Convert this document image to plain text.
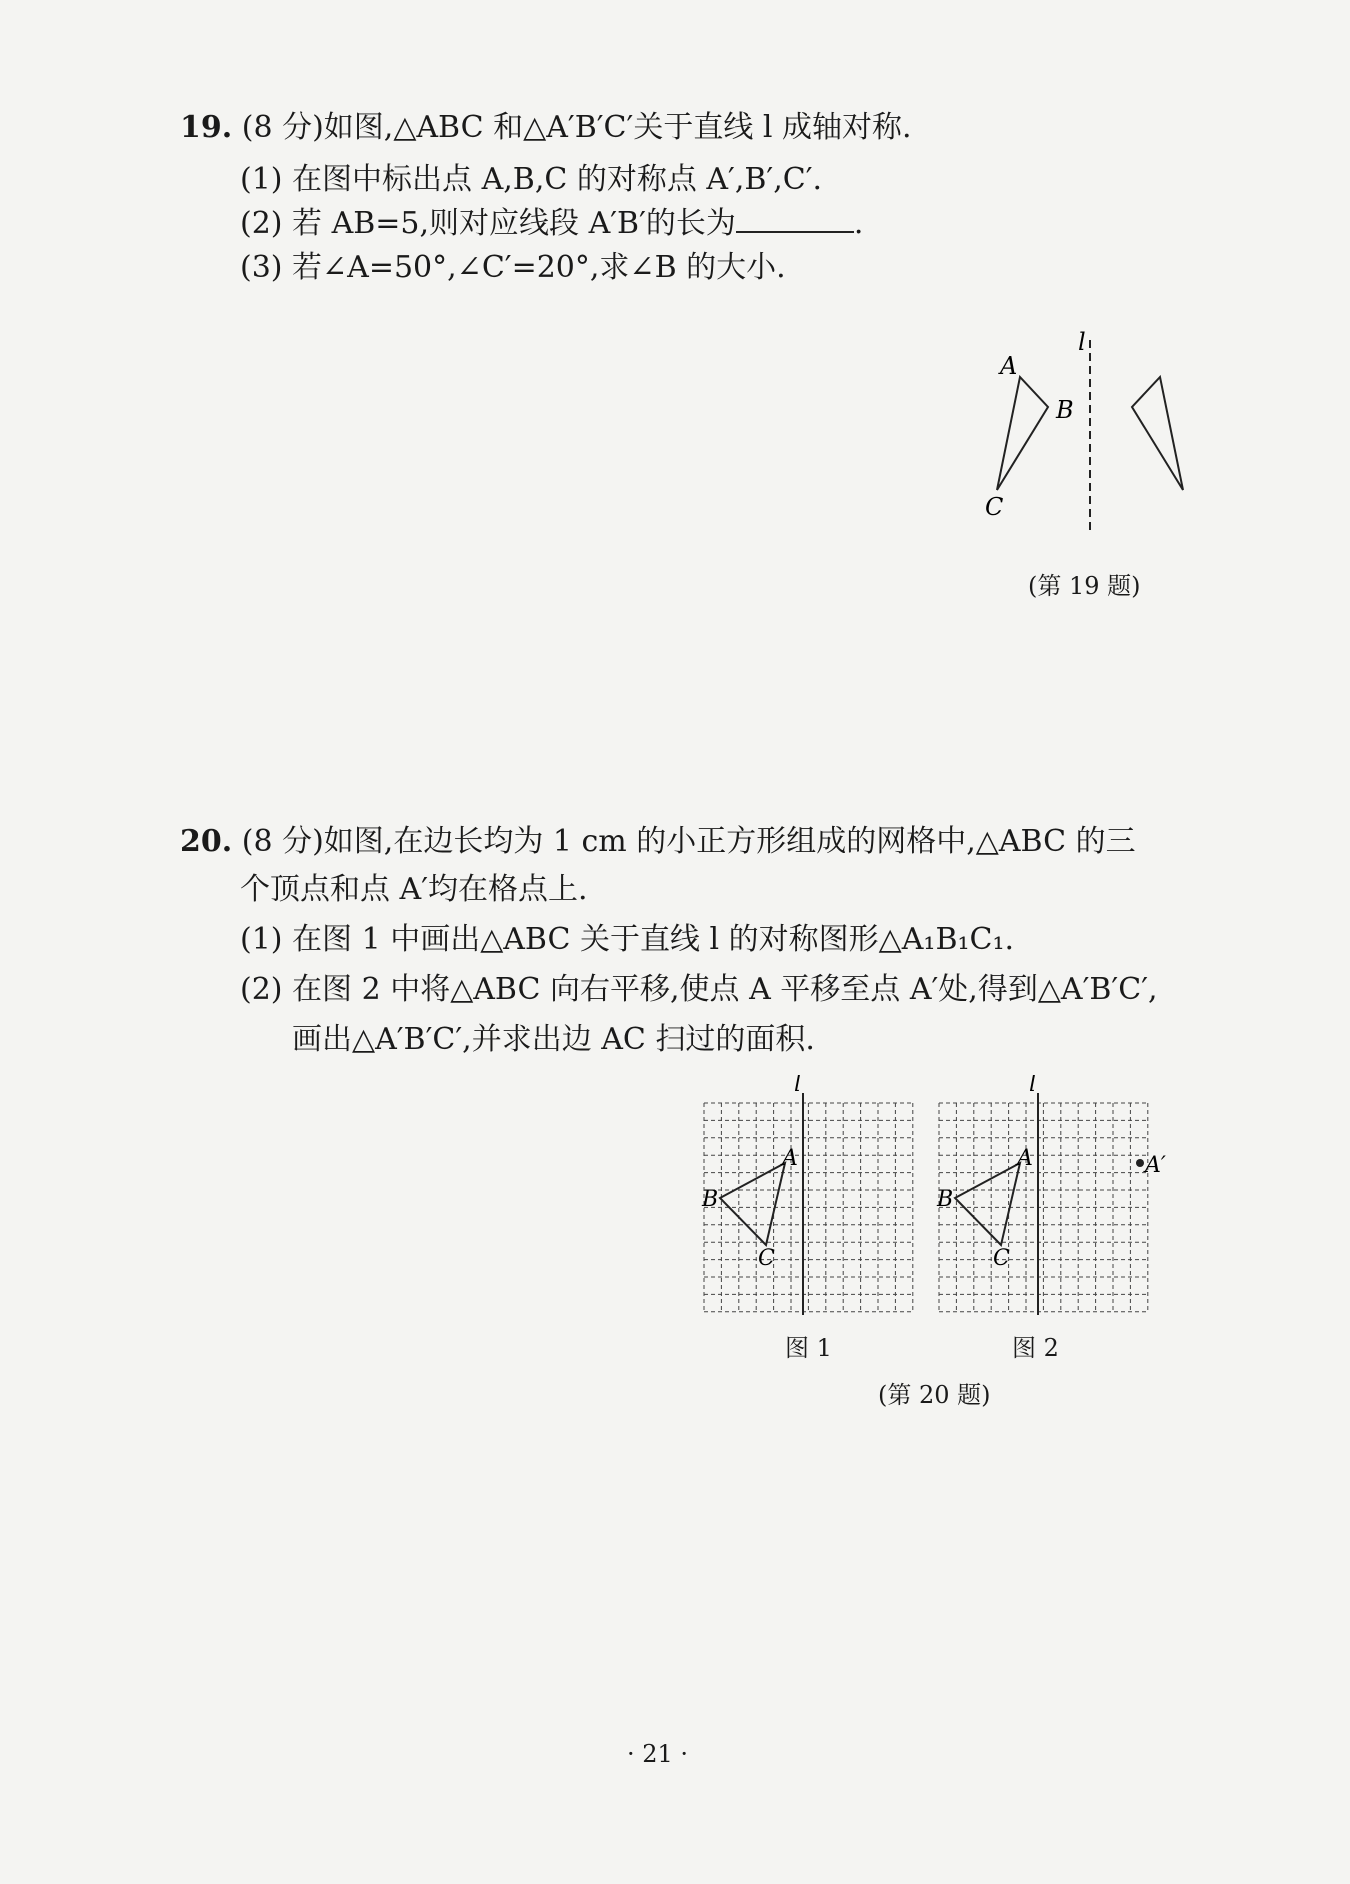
19. (8 分)如图,△ABC 和△A′B′C′关于直线 l 成轴对称.
(1) 在图中标出点 A,B,C 的对称点 A′,B′,C′.
(2) 若 AB=5,则对应线段 A′B′的长为	.
(3) 若∠A=50°,∠C′=20°,求∠B 的大小.
l
A
B
C
(第 19 题)
20. (8 分)如图,在边长均为 1 cm 的小正方形组成的网格中,△ABC 的三
个顶点和点 A′均在格点上.
(1) 在图 1 中画出△ABC 关于直线 l 的对称图形△A₁B₁C₁.
(2) 在图 2 中将△ABC 向右平移,使点 A 平移至点 A′处,得到△A′B′C′,
画出△A′B′C′,并求出边 AC 扫过的面积.
l
A
B
C
图 1
l
A
B
C
A′
图 2
(第 20 题)
· 21 ·
